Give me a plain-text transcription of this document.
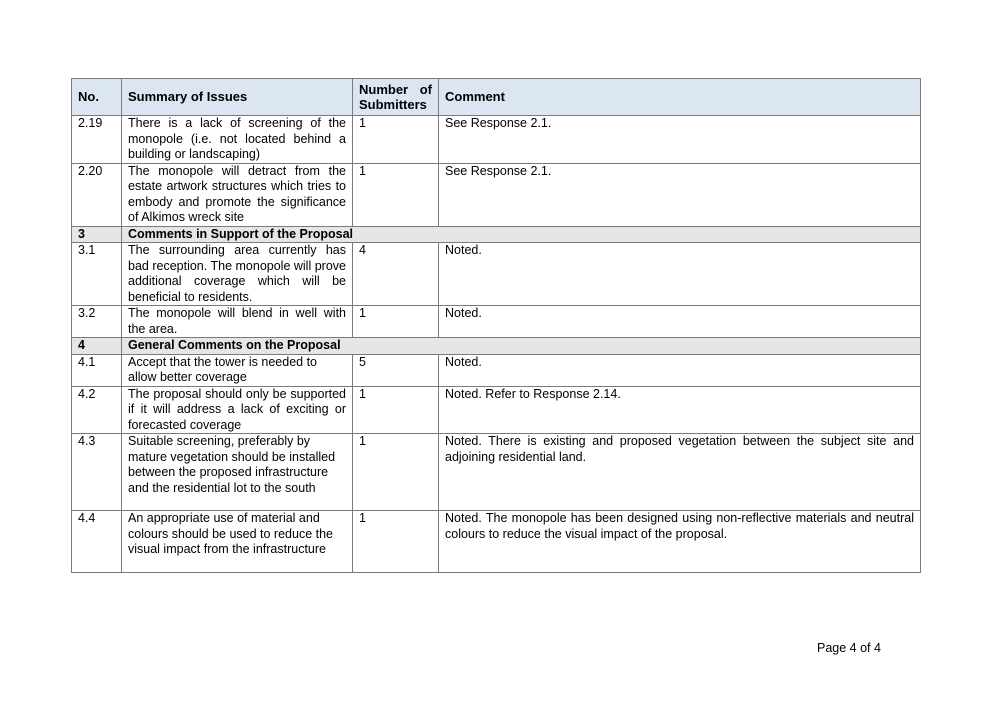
No.	Summary of Issues	Number of Submitters	Comment
2.19	There is a lack of screening of the monopole (i.e. not located behind a building or landscaping)	1	See Response 2.1.
2.20	The monopole will detract from the estate artwork structures which tries to embody and promote the significance of Alkimos wreck site	1	See Response 2.1.
3	Comments in Support of the Proposal		
3.1	The surrounding area currently has bad reception. The monopole will prove additional coverage which will be beneficial to residents.	4	Noted.
3.2	The monopole will blend in well with the area.	1	Noted.
4	General Comments on the Proposal		
4.1	Accept that the tower is needed to allow better coverage	5	Noted.
4.2	The proposal should only be supported if it will address a lack of exciting or forecasted coverage	1	Noted. Refer to Response 2.14.
4.3	Suitable screening, preferably by mature vegetation should be installed between the proposed infrastructure and the residential lot to the south	1	Noted. There is existing and proposed vegetation between the subject site and adjoining residential land.
4.4	An appropriate use of material and colours should be used to reduce the visual impact from the infrastructure	1	Noted. The monopole has been designed using non-reflective materials and neutral colours to reduce the visual impact of the proposal.
Page 4 of 4
